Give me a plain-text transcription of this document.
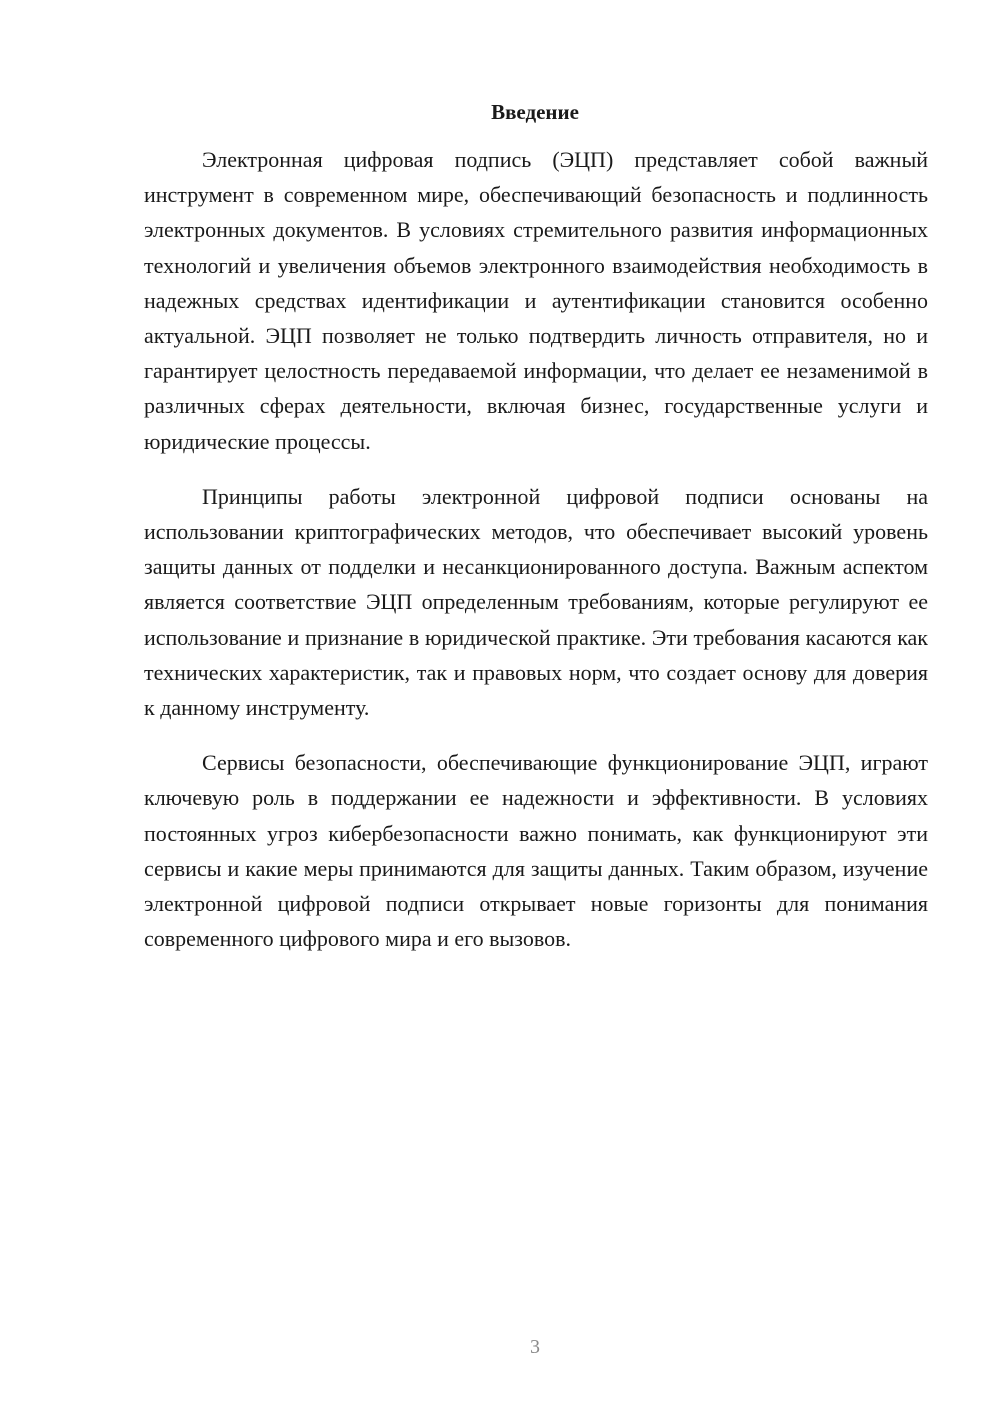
Введение

Электронная цифровая подпись (ЭЦП) представляет собой важный инструмент в современном мире, обеспечивающий безопасность и подлинность электронных документов. В условиях стремительного развития информационных технологий и увеличения объемов электронного взаимодействия необходимость в надежных средствах идентификации и аутентификации становится особенно актуальной. ЭЦП позволяет не только подтвердить личность отправителя, но и гарантирует целостность передаваемой информации, что делает ее незаменимой в различных сферах деятельности, включая бизнес, государственные услуги и юридические процессы.

Принципы работы электронной цифровой подписи основаны на использовании криптографических методов, что обеспечивает высокий уровень защиты данных от подделки и несанкционированного доступа. Важным аспектом является соответствие ЭЦП определенным требованиям, которые регулируют ее использование и признание в юридической практике. Эти требования касаются как технических характеристик, так и правовых норм, что создает основу для доверия к данному инструменту.

Сервисы безопасности, обеспечивающие функционирование ЭЦП, играют ключевую роль в поддержании ее надежности и эффективности. В условиях постоянных угроз кибербезопасности важно понимать, как функционируют эти сервисы и какие меры принимаются для защиты данных. Таким образом, изучение электронной цифровой подписи открывает новые горизонты для понимания современного цифрового мира и его вызовов.

3
